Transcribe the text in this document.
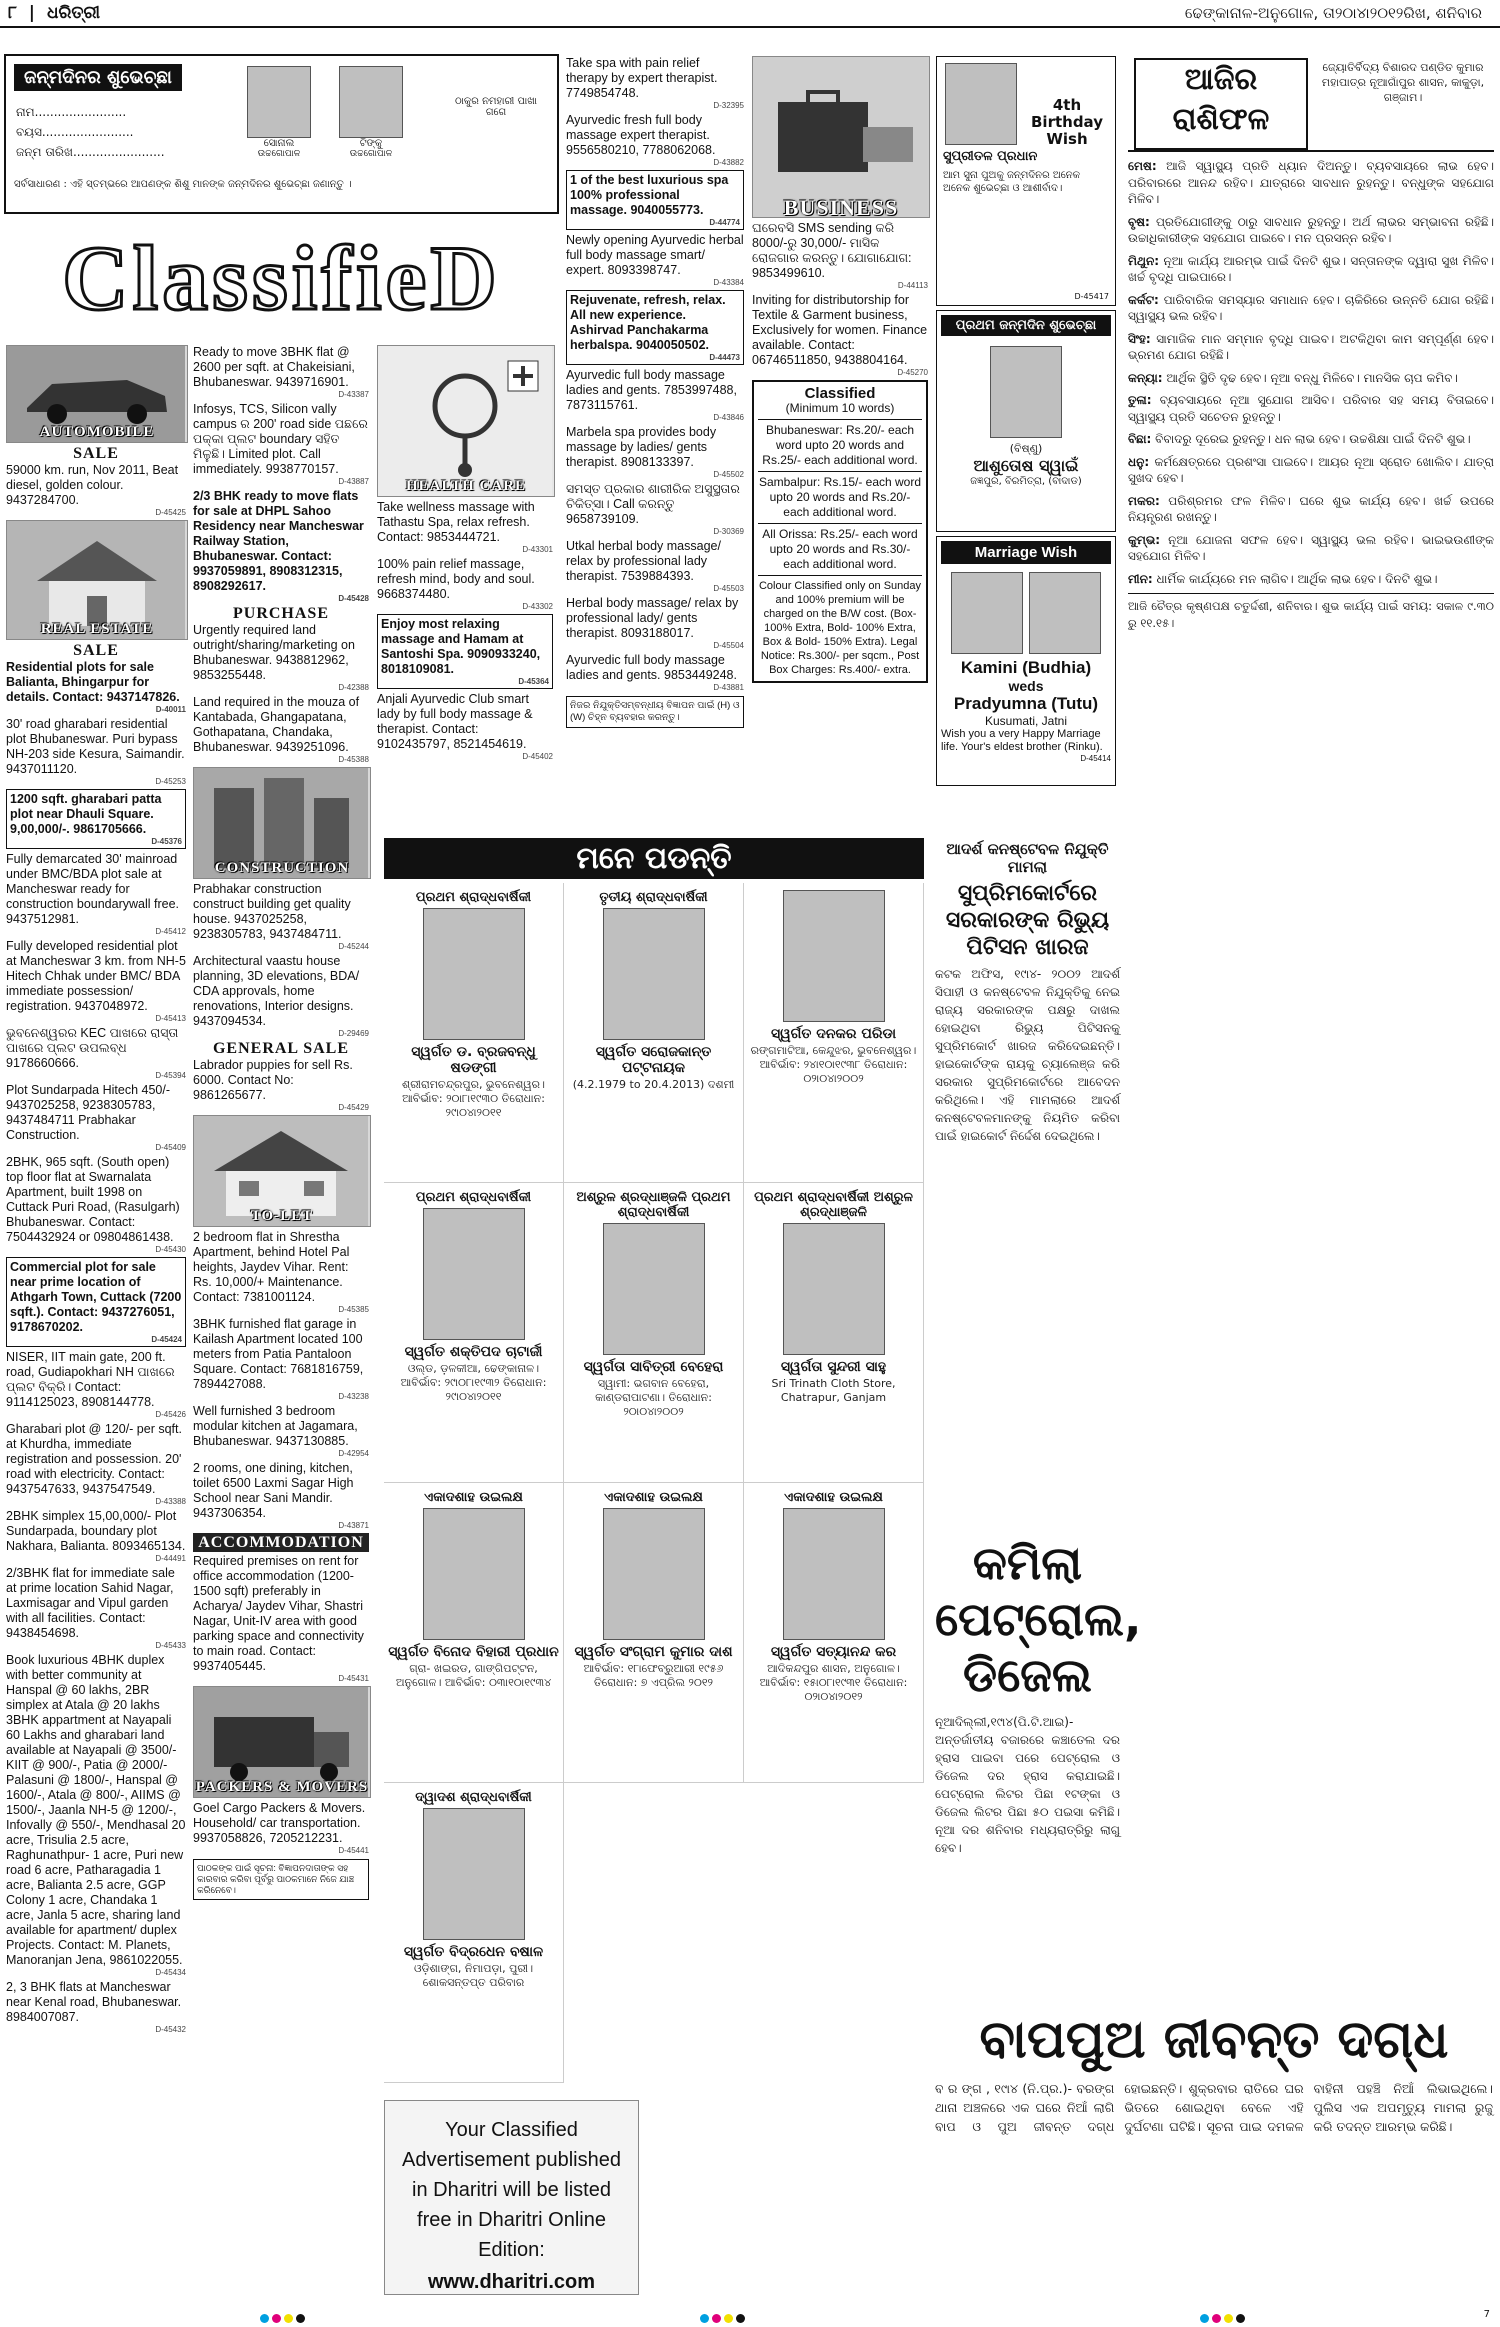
୮ | ଧରିତ୍ରୀ	ଢେଙ୍କାନାଳ-ଅନୁଗୋଳ, ତା୨୦ା୪ା୨୦୧୨ରିଖ, ଶନିବାର
ଜନ୍ମଦିନର ଶୁଭେଚ୍ଛା
ନାମ........................
ବୟସ........................
ଜନ୍ମ ତାରିଖ........................
ସୋନାଲ
ଉଚ୍ଚଗୋପାଳ
ଟିଙ୍କୁ
ଉଚ୍ଚଗୋପାଳ
ଠାକୁର ନମହାରୀ ପାଖା ଗଗେ
ସର୍ବସାଧାରଣ : ଏହି ସ୍ତମ୍ଭରେ ଆପଣଙ୍କ ଶିଶୁ ମାନଙ୍କ ଜନ୍ମଦିନର ଶୁଭେଚ୍ଛା ଜଣାନ୍ତୁ ।
ClassifieD
AUTOMOBILE
SALE
59000 km. run, Nov 2011, Beat diesel, golden colour. 9437284700.
D-45425
REAL ESTATE
SALE
Residential plots for sale Balianta, Bhingarpur for details. Contact: 9437147826.
D-40011
30' road gharabari residential plot Bhubaneswar. Puri bypass NH-203 side Kesura, Saimandir. 9437011120.
D-45253
1200 sqft. gharabari patta plot near Dhauli Square. 9,00,000/-. 9861705666.
D-45376
Fully demarcated 30' mainroad under BMC/BDA plot sale at Mancheswar ready for construction boundarywall free. 9437512981.
D-45412
Fully developed residential plot at Mancheswar 3 km. from NH-5 Hitech Chhak under BMC/ BDA immediate possession/ registration. 9437048972.
D-45413
ଭୁବନେଶ୍ୱରର KEC ପାଖରେ ରାସ୍ତା ପାଖରେ ପ୍ଲଟ ଉପଲବ୍ଧ 9178660666.
D-45394
Plot Sundarpada Hitech 450/- 9437025258, 9238305783, 9437484711 Prabhakar Construction.
D-45409
2BHK, 965 sqft. (South open) top floor flat at Swarnalata Apartment, built 1998 on Cuttack Puri Road, (Rasulgarh) Bhubaneswar. Contact: 7504432924 or 09804861438.
D-45430
Commercial plot for sale near prime location of Athgarh Town, Cuttack (7200 sqft.). Contact: 9437276051, 9178670202.
D-45424
NISER, IIT main gate, 200 ft. road, Gudiapokhari NH ପାଖରେ ପ୍ଲଟ ବିକ୍ରି। Contact: 9114125023, 8908144778.
D-45426
Gharabari plot @ 120/- per sqft. at Khurdha, immediate registration and possession. 20' road with electricity. Contact: 9437547633, 9437547549.
D-43388
2BHK simplex 15,00,000/- Plot Sundarpada, boundary plot Nakhara, Balianta. 8093465134.
D-44491
2/3BHK flat for immediate sale at prime location Sahid Nagar, Laxmisagar and Vipul garden with all facilities. Contact: 9438454698.
D-45433
Book luxurious 4BHK duplex with better community at Hanspal @ 60 lakhs, 2BR simplex at Atala @ 20 lakhs 3BHK appartment at Nayapali 60 Lakhs and gharabari land available at Nayapali @ 3500/- KIIT @ 900/-, Patia @ 2000/- Palasuni @ 1800/-, Hanspal @ 1600/-, Atala @ 800/-, AIIMS @ 1500/-, Jaanla NH-5 @ 1200/-, Infovally @ 550/-, Mendhasal 20 acre, Trisulia 2.5 acre, Raghunathpur- 1 acre, Puri new road 6 acre, Patharagadia 1 acre, Balianta 2.5 acre, GGP Colony 1 acre, Chandaka 1 acre, Janla 5 acre, sharing land available for apartment/ duplex Projects. Contact: M. Planets, Manoranjan Jena, 9861022055.
D-45434
2, 3 BHK flats at Mancheswar near Kenal road, Bhubaneswar. 8984007087.
D-45432
Ready to move 3BHK flat @ 2600 per sqft. at Chakeisiani, Bhubaneswar. 9439716901.
D-43387
Infosys, TCS, Silicon vally campus ର 200' road side ପଛରେ ପକ୍କା ପ୍ଲଟ boundary ସହିତ ମିଳୁଛି। Limited plot. Call immediately. 9938770157.
D-43887
2/3 BHK ready to move flats for sale at DHPL Sahoo Residency near Mancheswar Railway Station, Bhubaneswar. Contact: 9937059891, 8908312315, 8908292617.
D-45428
PURCHASE
Urgently required land outright/sharing/marketing on Bhubaneswar. 9438812962, 9853255448.
D-42388
Land required in the mouza of Kantabada, Ghangapatana, Gothapatana, Chandaka, Bhubaneswar. 9439251096.
D-45388
CONSTRUCTION
Prabhakar construction construct building get quality house. 9437025258, 9238305783, 9437484711.
D-45244
Architectural vaastu house planning, 3D elevations, BDA/ CDA approvals, home renovations, Interior designs. 9437094534.
D-29469
GENERAL SALE
Labrador puppies for sell Rs. 6000. Contact No: 9861265677.
D-45429
TO-LET
2 bedroom flat in Shrestha Apartment, behind Hotel Pal heights, Jaydev Vihar. Rent: Rs. 10,000/+ Maintenance. Contact: 7381001124.
D-45385
3BHK furnished flat garage in Kailash Apartment located 100 meters from Patia Pantaloon Square. Contact: 7681816759, 7894427088.
D-43238
Well furnished 3 bedroom modular kitchen at Jagamara, Bhubaneswar. 9437130885.
D-42954
2 rooms, one dining, kitchen, toilet 6500 Laxmi Sagar High School near Sani Mandir. 9437306354.
D-43871
ACCOMMODATION
Required premises on rent for office accommodation (1200-1500 sqft) preferably in Acharya/ Jaydev Vihar, Shastri Nagar, Unit-IV area with good parking space and connectivity to main road. Contact: 9937405445.
D-45431
PACKERS & MOVERS
Goel Cargo Packers & Movers. Household/ car transportation. 9937058826, 7205212231.
D-45441
ପାଠକଙ୍କ ପାଇଁ ସୂଚନା: ବିଜ୍ଞାପନଦାତାଙ୍କ ସହ କାରବାର କରିବା ପୂର୍ବରୁ ପାଠକମାନେ ନିଜେ ଯାଞ୍ଚ କରିନେବେ।
HEALTH CARE
Take wellness massage with Tathastu Spa, relax refresh. Contact: 9853444721.
D-43301
100% pain relief massage, refresh mind, body and soul. 9668374480.
D-43302
Enjoy most relaxing massage and Hamam at Santoshi Spa. 9090933240, 8018109081.
D-45364
Anjali Ayurvedic Club smart lady by full body massage & therapist. Contact: 9102435797, 8521454619.
D-45402
Take spa with pain relief therapy by expert therapist. 7749854748.
D-32395
Ayurvedic fresh full body massage expert therapist. 9556580210, 7788062068.
D-43882
1 of the best luxurious spa 100% professional massage. 9040055773.
D-44774
Newly opening Ayurvedic herbal full body massage smart/ expert. 8093398747.
D-43384
Rejuvenate, refresh, relax. All new experience. Ashirvad Panchakarma herbalspa. 9040050502.
D-44473
Ayurvedic full body massage ladies and gents. 7853997488, 7873115761.
D-43846
Marbela spa provides body massage by ladies/ gents therapist. 8908133397.
D-45502
ସମସ୍ତ ପ୍ରକାର ଶାରୀରିକ ଅସୁସ୍ଥତାର ଚିକିତ୍ସା। Call କରନ୍ତୁ 9658739109.
D-30369
Utkal herbal body massage/ relax by professional lady therapist. 7539884393.
D-45503
Herbal body massage/ relax by professional lady/ gents therapist. 8093188017.
D-45504
Ayurvedic full body massage ladies and gents. 9853449248.
D-43881
ନିଜର ନିଯୁକ୍ତିସମ୍ବନ୍ଧୀୟ ବିଜ୍ଞାପନ ପାଇଁ (H) ଓ (W) ଚିହ୍ନ ବ୍ୟବହାର କରନ୍ତୁ।
BUSINESS
ଘରେବସି SMS sending କରି 8000/-ରୁ 30,000/- ମାସିକ ରୋଜଗାର କରନ୍ତୁ। ଯୋଗାଯୋଗ: 9853499610.
D-44113
Inviting for distributorship for Textile & Garment business, Exclusively for women. Finance available. Contact: 06746511850, 9438804164.
D-45270
Classified
(Minimum 10 words)
Bhubaneswar: Rs.20/- each word upto 20 words and Rs.25/- each additional word.
Sambalpur: Rs.15/- each word upto 20 words and Rs.20/- each additional word.
All Orissa: Rs.25/- each word upto 20 words and Rs.30/- each additional word.
Colour Classified only on Sunday and 100% premium will be charged on the B/W cost. (Box- 100% Extra, Bold- 100% Extra, Box & Bold- 150% Extra). Legal Notice: Rs.300/- per sqcm., Post Box Charges: Rs.400/- extra.
4th Birthday Wish
ସୁପ୍ରୀତଳ ପ୍ରଧାନ
ଆମ ସୁନା ପୁଅକୁ ଜନ୍ମଦିନର ଅନେକ ଅନେକ ଶୁଭେଚ୍ଛା ଓ ଆଶୀର୍ବାଦ।
D-45417
ପ୍ରଥମ ଜନ୍ମଦିନ ଶୁଭେଚ୍ଛା
(ବିଷ୍ଣୁ)
ଆଶୁତୋଷ ସ୍ୱାଇଁ
ଜଜ୍ଞପୁର, ବିରମିତ୍ରା, (ବାଦାଡ)
Marriage Wish
Kamini (Budhia)
weds
Pradyumna (Tutu)
Kusumati, Jatni
Wish you a very Happy Marriage life. Your's eldest brother (Rinku).
D-45414
ମନେ ପଡନ୍ତି
ପ୍ରଥମ ଶ୍ରାଦ୍ଧବାର୍ଷିକୀ
ସ୍ୱର୍ଗତ ଡ. ବ୍ରଜବନ୍ଧୁ ଷଡଙ୍ଗୀ
ଶ୍ରୀରାମଚନ୍ଦ୍ରପୁର, ଭୁବନେଶ୍ୱର। ଆବିର୍ଭାବ: ୨୦ା୮ା୧୯୩୦ ତିରୋଧାନ: ୨୯ା୦୪ା୨୦୧୧
ତୃତୀୟ ଶ୍ରାଦ୍ଧବାର୍ଷିକୀ
ସ୍ୱର୍ଗତ ସରୋଜକାନ୍ତ ପଟ୍ଟନାୟକ
(4.2.1979 to 20.4.2013) ଦଶମୀ
ସ୍ୱର୍ଗତ ଦନକର ପରିଡା
ରଙ୍ଗମାଟିଆ, କେନ୍ଦୁଝର, ଭୁବନେଶ୍ୱର। ଆବିର୍ଭାବ: ୨୪ା୧୦ା୧୯୩୮ ତିରୋଧାନ: ୦୨ା୦୪ା୨୦୦୨
ପ୍ରଥମ ଶ୍ରାଦ୍ଧବାର୍ଷିକୀ
ସ୍ୱର୍ଗତ ଶକ୍ତିପଦ ଚାଟାର୍ଜୀ
ଓଲ୍ଡ, ଡ଼ଳକୀଆ, ଢେଙ୍କାନାଳ। ଆବିର୍ଭାବ: ୨୯ା୦୮ା୧୯୩୨ ତିରୋଧାନ: ୨୯ା୦୪ା୨୦୧୧
ଅଶ୍ରୁଳ ଶ୍ରଦ୍ଧାଞ୍ଜଳି ପ୍ରଥମ ଶ୍ରାଦ୍ଧବାର୍ଷିକୀ
ସ୍ୱର୍ଗତା ସାବିତ୍ରୀ ବେହେରା
ସ୍ୱାମୀ: ଭଗବାନ ବେହେରା, କାଣ୍ଡରାପାଟଣା। ତିରୋଧାନ: ୨୦ା୦୪ା୨୦୦୨
ପ୍ରଥମ ଶ୍ରାଦ୍ଧବାର୍ଷିକୀ ଅଶ୍ରୁଳ ଶ୍ରଦ୍ଧାଞ୍ଜଳି
ସ୍ୱର୍ଗତା ସୁନ୍ଦରୀ ସାହୁ
Sri Trinath Cloth Store, Chatrapur, Ganjam
ଏକାଦଶାହ ଉଇଲକ୍ଷ
ସ୍ୱର୍ଗତ ବିନୋଦ ବିହାରୀ ପ୍ରଧାନ
ଗ୍ରା- ଖଇରଡ, ଗାଙ୍ଗିପଟ୍ଟନ, ଅନୁଗୋଳ। ଆବିର୍ଭାବ: ୦୩ା୧୦ା୧୯୩୪
ଏକାଦଶାହ ଉଇଲକ୍ଷ
ସ୍ୱର୍ଗତ ସଂଗ୍ରାମ କୁମାର ଦାଶ
ଆବିର୍ଭାବ: ୧୮ାଫେବ୍ରୁଆରୀ ୧୯୫୬ ତିରୋଧାନ: ୭ ଏପ୍ରିଲ ୨୦୧୨
ଏକାଦଶାହ ଉଇଲକ୍ଷ
ସ୍ୱର୍ଗତ ସତ୍ୟାନନ୍ଦ କର
ଆଦିକନ୍ଦପୁର ଶାସନ, ଅନୁଗୋଳ। ଆବିର୍ଭାବ: ୧୫ା୦୮ା୧୯୩୧ ତିରୋଧାନ: ୦୨ା୦୪ା୨୦୧୨
ଦ୍ୱାଦଶ ଶ୍ରାଦ୍ଧବାର୍ଷିକୀ
ସ୍ୱର୍ଗତ ବିଦ୍ରଧେନ ବଷାଳ
ଓଡ଼ିଶାଙ୍ଗ, ନିମାପଡ଼ା, ପୁରୀ। ଶୋକସନ୍ତପ୍ତ ପରିବାର
Your Classified Advertisement published in Dharitri will be listed free in Dharitri Online Edition:
www.dharitri.com
ଆଦର୍ଶ କନଷ୍ଟେବଳ ନିଯୁକ୍ତି ମାମଲା
ସୁପ୍ରିମକୋର୍ଟରେ ସରକାରଙ୍କ ରିଭ୍ୟୁ ପିଟିସନ ଖାରଜ
କଟକ ଅଫିସ, ୧୯ା୪- ୨୦୦୨ ଆଦର୍ଶ ସିପାହୀ ଓ କନଷ୍ଟେବଳ ନିଯୁକ୍ତିକୁ ନେଇ ରାଜ୍ୟ ସରକାରଙ୍କ ପକ୍ଷରୁ ଦାଖଲ ହୋଇଥିବା ରିଭ୍ୟୁ ପିଟିସନକୁ ସୁପ୍ରିମକୋର୍ଟ ଖାରଜ କରିଦେଇଛନ୍ତି। ହାଇକୋର୍ଟଙ୍କ ରାୟକୁ ଚ୍ୟାଲେଞ୍ଜ କରି ସରକାର ସୁପ୍ରିମକୋର୍ଟରେ ଆବେଦନ କରିଥିଲେ। ଏହି ମାମଲାରେ ଆଦର୍ଶ କନଷ୍ଟେବଳମାନଙ୍କୁ ନିୟମିତ କରିବା ପାଇଁ ହାଇକୋର୍ଟ ନିର୍ଦ୍ଦେଶ ଦେଇଥିଲେ।
କମିଲା ପେଟ୍ରୋଲ, ଡିଜେଲ
ନୂଆଦିଲ୍ଲୀ,୧୯ା୪(ପି.ଟି.ଆଇ)- ଅନ୍ତର୍ଜାତୀୟ ବଜାରରେ କଞ୍ଚାତେଲ ଦର ହ୍ରାସ ପାଇବା ପରେ ପେଟ୍ରୋଲ ଓ ଡିଜେଲ ଦର ହ୍ରାସ କରାଯାଇଛି। ପେଟ୍ରୋଲ ଲିଟର ପିଛା ୧ଟଙ୍କା ଓ ଡିଜେଲ ଲିଟର ପିଛା ୫୦ ପଇସା କମିଛି। ନୂଆ ଦର ଶନିବାର ମଧ୍ୟରାତ୍ରିରୁ ଲାଗୁ ହେବ।
ଆଜିର
ରାଶିଫଳ
ଜ୍ୟୋତିର୍ବିଦ୍ୟ ବିଶାରଦ ପଣ୍ଡିତ କୁମାର ମହାପାତ୍ର ନୂଆଗାଁପୁର ଶାସନ, କାକୁଡ଼ା, ଗଞ୍ଜାମ।
ମେଷ: ଆଜି ସ୍ୱାସ୍ଥ୍ୟ ପ୍ରତି ଧ୍ୟାନ ଦିଅନ୍ତୁ। ବ୍ୟବସାୟରେ ଲାଭ ହେବ। ପରିବାରରେ ଆନନ୍ଦ ରହିବ। ଯାତ୍ରାରେ ସାବଧାନ ରୁହନ୍ତୁ। ବନ୍ଧୁଙ୍କ ସହଯୋଗ ମିଳିବ।
ବୃଷ: ପ୍ରତିଯୋଗୀଙ୍କୁ ଠାରୁ ସାବଧାନ ରୁହନ୍ତୁ। ଅର୍ଥ ଲାଭର ସମ୍ଭାବନା ରହିଛି। ଉଚ୍ଚାଧିକାରୀଙ୍କ ସହଯୋଗ ପାଇବେ। ମନ ପ୍ରସନ୍ନ ରହିବ।
ମିଥୁନ: ନୂଆ କାର୍ଯ୍ୟ ଆରମ୍ଭ ପାଇଁ ଦିନଟି ଶୁଭ। ସନ୍ତାନଙ୍କ ଦ୍ୱାରା ସୁଖ ମିଳିବ। ଖର୍ଚ୍ଚ ବୃଦ୍ଧି ପାଇପାରେ।
କର୍କଟ: ପାରିବାରିକ ସମସ୍ୟାର ସମାଧାନ ହେବ। ଚାକିରିରେ ଉନ୍ନତି ଯୋଗ ରହିଛି। ସ୍ୱାସ୍ଥ୍ୟ ଭଲ ରହିବ।
ସିଂହ: ସାମାଜିକ ମାନ ସମ୍ମାନ ବୃଦ୍ଧି ପାଇବ। ଅଟକିଥିବା କାମ ସମ୍ପୂର୍ଣ୍ଣ ହେବ। ଭ୍ରମଣ ଯୋଗ ରହିଛି।
କନ୍ୟା: ଆର୍ଥିକ ସ୍ଥିତି ଦୃଢ ହେବ। ନୂଆ ବନ୍ଧୁ ମିଳିବେ। ମାନସିକ ଚାପ କମିବ।
ତୁଳା: ବ୍ୟବସାୟରେ ନୂଆ ସୁଯୋଗ ଆସିବ। ପରିବାର ସହ ସମୟ ବିତାଇବେ। ସ୍ୱାସ୍ଥ୍ୟ ପ୍ରତି ସଚେତନ ରୁହନ୍ତୁ।
ବିଛା: ବିବାଦରୁ ଦୂରେଇ ରୁହନ୍ତୁ। ଧନ ଲାଭ ହେବ। ଉଚ୍ଚଶିକ୍ଷା ପାଇଁ ଦିନଟି ଶୁଭ।
ଧନୁ: କର୍ମକ୍ଷେତ୍ରରେ ପ୍ରଶଂସା ପାଇବେ। ଆୟର ନୂଆ ସ୍ରୋତ ଖୋଲିବ। ଯାତ୍ରା ସୁଖଦ ହେବ।
ମକର: ପରିଶ୍ରମର ଫଳ ମିଳିବ। ଘରେ ଶୁଭ କାର୍ଯ୍ୟ ହେବ। ଖର୍ଚ୍ଚ ଉପରେ ନିୟନ୍ତ୍ରଣ ରଖନ୍ତୁ।
କୁମ୍ଭ: ନୂଆ ଯୋଜନା ସଫଳ ହେବ। ସ୍ୱାସ୍ଥ୍ୟ ଭଲ ରହିବ। ଭାଇଭଉଣୀଙ୍କ ସହଯୋଗ ମିଳିବ।
ମୀନ: ଧାର୍ମିକ କାର୍ଯ୍ୟରେ ମନ ଲାଗିବ। ଆର୍ଥିକ ଲାଭ ହେବ। ଦିନଟି ଶୁଭ।
ଆଜି ଚୈତ୍ର କୃଷ୍ଣପକ୍ଷ ଚତୁର୍ଦ୍ଦଶୀ, ଶନିବାର। ଶୁଭ କାର୍ଯ୍ୟ ପାଇଁ ସମୟ: ସକାଳ ୯.୩୦ ରୁ ୧୧.୧୫।
ବାପପୁଅ ଜୀବନ୍ତ ଦଗ୍ଧ
ବ ର ଙ୍ଗ , ୧୯ା୪ (ନି.ପ୍ର.)- ବରଙ୍ଗ ଥାନା ଅଞ୍ଚଳରେ ଏକ ଘରେ ନିଆଁ ଲାଗି ବାପ ଓ ପୁଅ ଜୀବନ୍ତ ଦଗ୍ଧ ହୋଇଛନ୍ତି। ଶୁକ୍ରବାର ରାତିରେ ଘର ଭିତରେ ଶୋଇଥିବା ବେଳେ ଏହି ଦୁର୍ଘଟଣା ଘଟିଛି। ସୂଚନା ପାଇ ଦମକଳ ବାହିନୀ ପହଞ୍ଚି ନିଆଁ ଲିଭାଇଥିଲେ। ପୁଲିସ ଏକ ଅପମୃତ୍ୟୁ ମାମଲା ରୁଜୁ କରି ତଦନ୍ତ ଆରମ୍ଭ କରିଛି।
7
